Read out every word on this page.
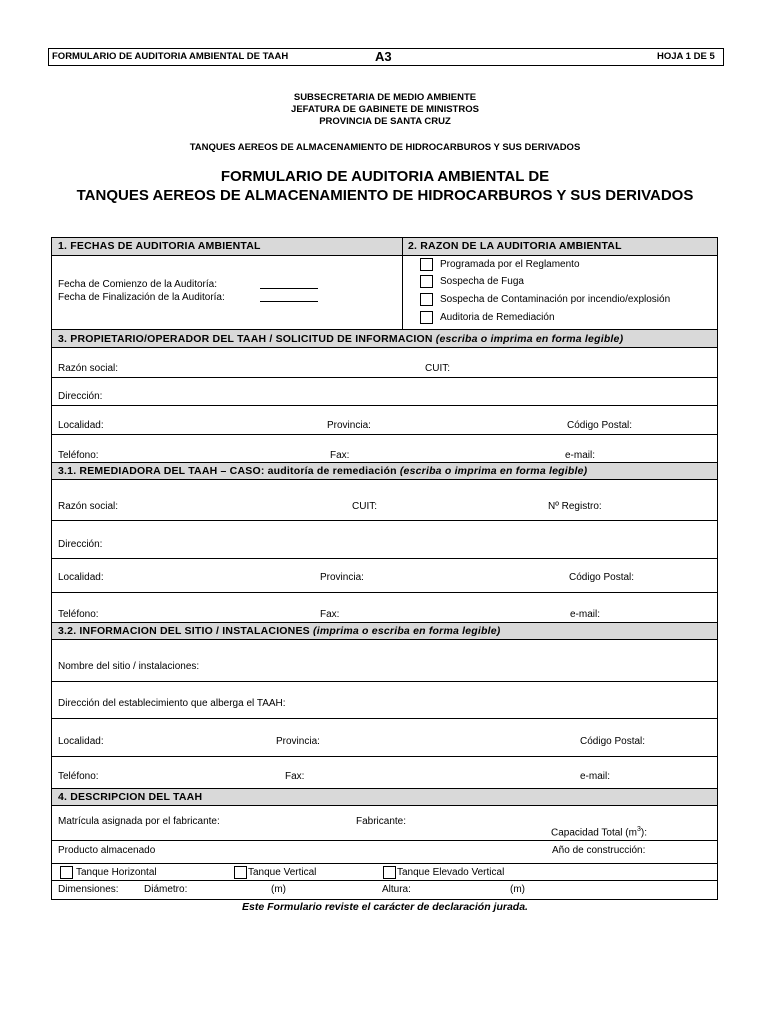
FORMULARIO DE AUDITORIA AMBIENTAL DE TAAH	A3	HOJA 1 DE 5
SUBSECRETARIA DE MEDIO AMBIENTE
JEFATURA DE GABINETE DE MINISTROS
PROVINCIA DE SANTA CRUZ
TANQUES AEREOS DE ALMACENAMIENTO DE HIDROCARBUROS Y SUS DERIVADOS
FORMULARIO DE AUDITORIA AMBIENTAL DE
TANQUES AEREOS DE ALMACENAMIENTO DE HIDROCARBUROS Y SUS DERIVADOS
1. FECHAS DE AUDITORIA AMBIENTAL
Fecha de Comienzo de la Auditoría:
Fecha de Finalización de la Auditoría:
2. RAZON DE LA AUDITORIA AMBIENTAL
Programada por el Reglamento
Sospecha de Fuga
Sospecha de Contaminación por incendio/explosión
Auditoria de Remediación
3. PROPIETARIO/OPERADOR DEL TAAH / SOLICITUD DE INFORMACION (escriba o imprima en forma legible)
Razón social:	CUIT:
Dirección:
Localidad:	Provincia:	Código Postal:
Teléfono:	Fax:	e-mail:
3.1. REMEDIADORA DEL TAAH – CASO: auditoría de remediación (escriba o imprima en forma legible)
Razón social:	CUIT:	Nº Registro:
Dirección:
Localidad:	Provincia:	Código Postal:
Teléfono:	Fax:	e-mail:
3.2. INFORMACION DEL SITIO / INSTALACIONES (imprima o escriba en forma legible)
Nombre del sitio / instalaciones:
Dirección del establecimiento que alberga el TAAH:
Localidad:	Provincia:	Código Postal:
Teléfono:	Fax:	e-mail:
4. DESCRIPCION DEL TAAH
Matrícula asignada por el fabricante:	Fabricante:
Capacidad Total $(m^3)$:
Producto almacenado	Año de construcción:
Tanque Horizontal	Tanque Vertical	Tanque Elevado Vertical
Dimensiones:	Diámetro:	(m)	Altura:	(m)
Este Formulario reviste el carácter de declaración jurada.
